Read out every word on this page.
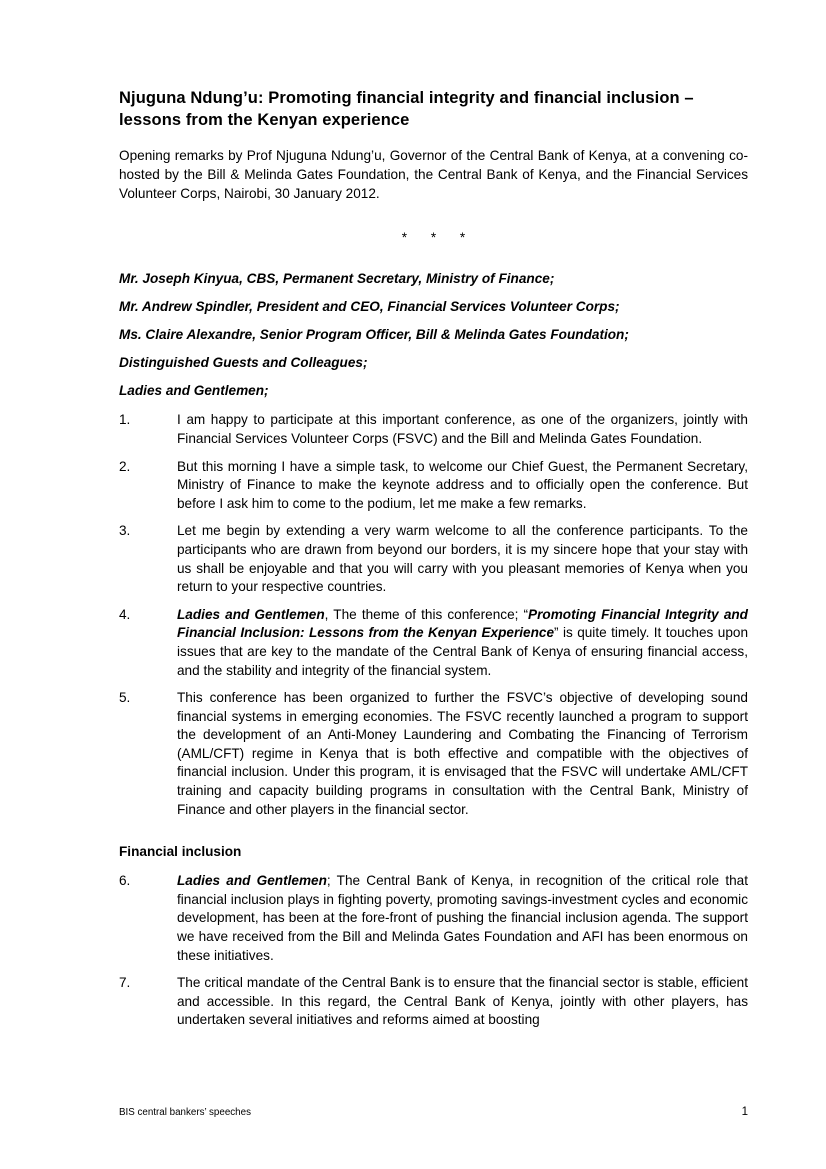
Njuguna Ndung’u: Promoting financial integrity and financial inclusion – lessons from the Kenyan experience

Opening remarks by Prof Njuguna Ndung’u, Governor of the Central Bank of Kenya, at a convening co-hosted by the Bill & Melinda Gates Foundation, the Central Bank of Kenya, and the Financial Services Volunteer Corps, Nairobi, 30 January 2012.

* * *
Mr. Joseph Kinyua, CBS, Permanent Secretary, Ministry of Finance;
Mr. Andrew Spindler, President and CEO, Financial Services Volunteer Corps;
Ms. Claire Alexandre, Senior Program Officer, Bill & Melinda Gates Foundation;
Distinguished Guests and Colleagues;
Ladies and Gentlemen;
1.	I am happy to participate at this important conference, as one of the organizers, jointly with Financial Services Volunteer Corps (FSVC) and the Bill and Melinda Gates Foundation.
2.	But this morning I have a simple task, to welcome our Chief Guest, the Permanent Secretary, Ministry of Finance to make the keynote address and to officially open the conference. But before I ask him to come to the podium, let me make a few remarks.
3.	Let me begin by extending a very warm welcome to all the conference participants. To the participants who are drawn from beyond our borders, it is my sincere hope that your stay with us shall be enjoyable and that you will carry with you pleasant memories of Kenya when you return to your respective countries.
4.	Ladies and Gentlemen, The theme of this conference; “Promoting Financial Integrity and Financial Inclusion: Lessons from the Kenyan Experience” is quite timely. It touches upon issues that are key to the mandate of the Central Bank of Kenya of ensuring financial access, and the stability and integrity of the financial system.
5.	This conference has been organized to further the FSVC’s objective of developing sound financial systems in emerging economies. The FSVC recently launched a program to support the development of an Anti-Money Laundering and Combating the Financing of Terrorism (AML/CFT) regime in Kenya that is both effective and compatible with the objectives of financial inclusion. Under this program, it is envisaged that the FSVC will undertake AML/CFT training and capacity building programs in consultation with the Central Bank, Ministry of Finance and other players in the financial sector.
Financial inclusion
6.	Ladies and Gentlemen; The Central Bank of Kenya, in recognition of the critical role that financial inclusion plays in fighting poverty, promoting savings-investment cycles and economic development, has been at the fore-front of pushing the financial inclusion agenda. The support we have received from the Bill and Melinda Gates Foundation and AFI has been enormous on these initiatives.
7.	The critical mandate of the Central Bank is to ensure that the financial sector is stable, efficient and accessible. In this regard, the Central Bank of Kenya, jointly with other players, has undertaken several initiatives and reforms aimed at boosting
BIS central bankers’ speeches	1
